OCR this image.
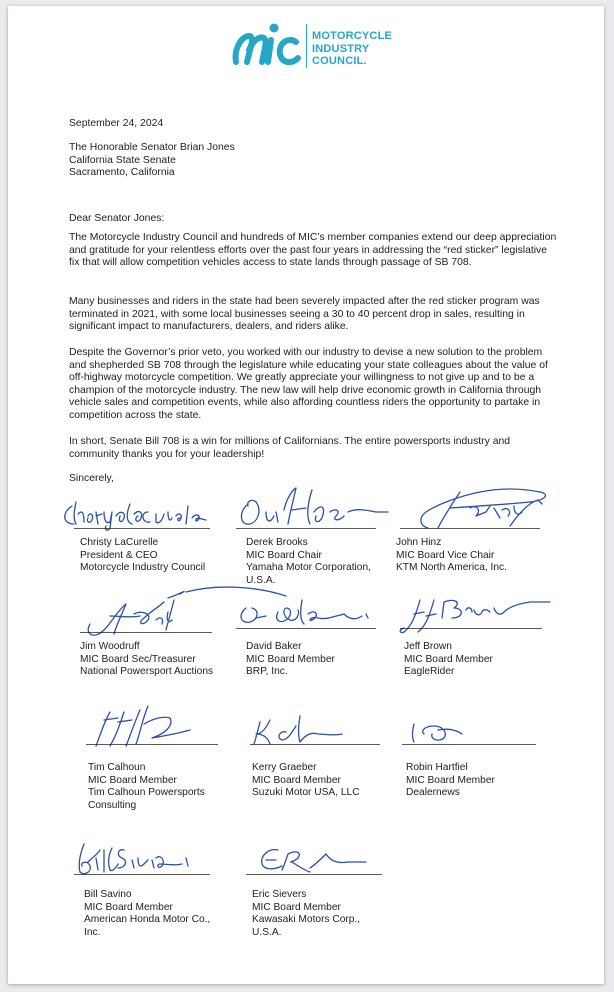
MOTORCYCLE
INDUSTRY
COUNCIL.
September 24, 2024
The Honorable Senator Brian Jones
California State Senate
Sacramento, California
Dear Senator Jones:
The Motorcycle Industry Council and hundreds of MIC’s member companies extend our deep appreciation and gratitude for your relentless efforts over the past four years in addressing the “red sticker” legislative fix that will allow competition vehicles access to state lands through passage of SB 708.
Many businesses and riders in the state had been severely impacted after the red sticker program was terminated in 2021, with some local businesses seeing a 30 to 40 percent drop in sales, resulting in significant impact to manufacturers, dealers, and riders alike.
Despite the Governor’s prior veto, you worked with our industry to devise a new solution to the problem and shepherded SB 708 through the legislature while educating your state colleagues about the value of off-highway motorcycle competition. We greatly appreciate your willingness to not give up and to be a champion of the motorcycle industry. The new law will help drive economic growth in California through vehicle sales and competition events, while also affording countless riders the opportunity to partake in competition across the state.
In short, Senate Bill 708 is a win for millions of Californians. The entire powersports industry and community thanks you for your leadership!
Sincerely,
Christy LaCurelle
President & CEO
Motorcycle Industry Council
Derek Brooks
MIC Board Chair
Yamaha Motor Corporation,
U.S.A.
John Hinz
MIC Board Vice Chair
KTM North America, Inc.
Jim Woodruff
MIC Board Sec/Treasurer
National Powersport Auctions
David Baker
MIC Board Member
BRP, Inc.
Jeff Brown
MIC Board Member
EagleRider
Tim Calhoun
MIC Board Member
Tim Calhoun Powersports
Consulting
Kerry Graeber
MIC Board Member
Suzuki Motor USA, LLC
Robin Hartfiel
MIC Board Member
Dealernews
Bill Savino
MIC Board Member
American Honda Motor Co.,
Inc.
Eric Sievers
MIC Board Member
Kawasaki Motors Corp.,
U.S.A.
